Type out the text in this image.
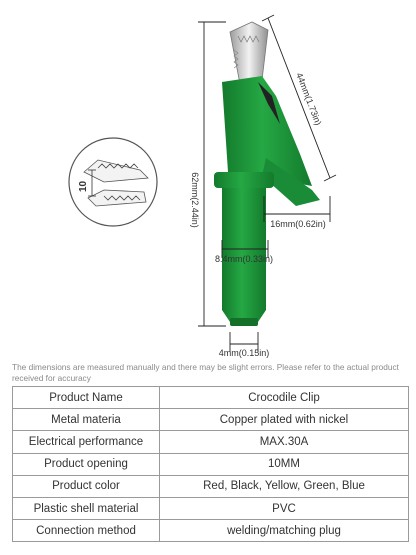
10	62mm(2.44in)
44mm(1.73in)
16mm(0.62in)
8.4mm(0.33in)
4mm(0.15in)
The dimensions are measured manually and there may be slight errors. Please refer to the actual product received for accuracy
Product Name	Crocodile Clip
Metal materia	Copper plated with nickel
Electrical performance	MAX.30A
Product opening	10MM
Product color	Red, Black, Yellow, Green, Blue
Plastic shell material	PVC
Connection method	welding/matching plug
